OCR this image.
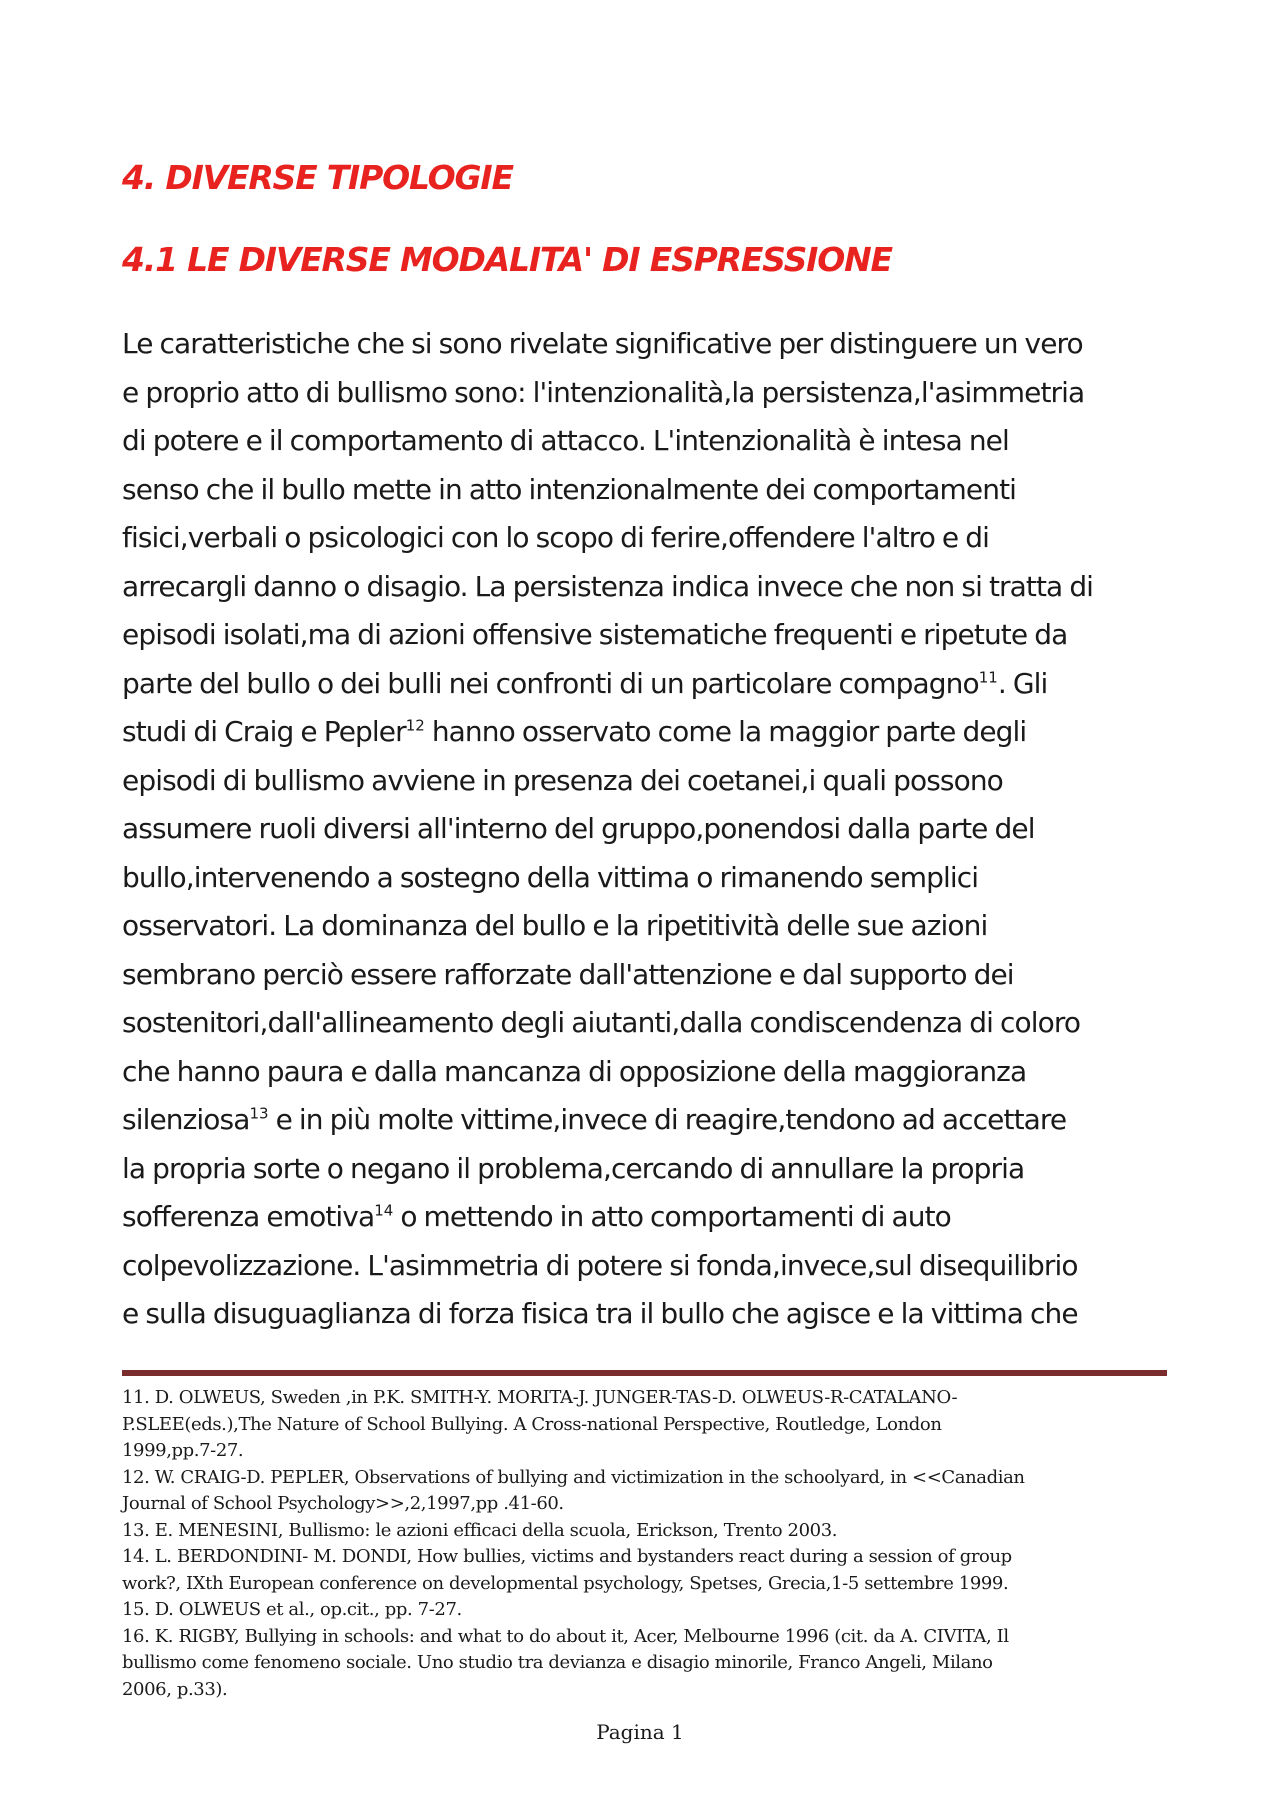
4. DIVERSE TIPOLOGIE
4.1 LE DIVERSE MODALITA' DI ESPRESSIONE

Le caratteristiche che si sono rivelate significative per distinguere un vero
e proprio atto di bullismo sono: l'intenzionalità,la persistenza,l'asimmetria
di potere e il comportamento di attacco. L'intenzionalità è intesa nel
senso che il bullo mette in atto intenzionalmente dei comportamenti
fisici,verbali o psicologici con lo scopo di ferire,offendere l'altro e di
arrecargli danno o disagio. La persistenza indica invece che non si tratta di
episodi isolati,ma di azioni offensive sistematiche frequenti e ripetute da
parte del bullo o dei bulli nei confronti di un particolare compagno$^{11}$. Gli
studi di Craig e Pepler$^{12}$ hanno osservato come la maggior parte degli
episodi di bullismo avviene in presenza dei coetanei,i quali possono
assumere ruoli diversi all'interno del gruppo,ponendosi dalla parte del
bullo,intervenendo a sostegno della vittima o rimanendo semplici
osservatori. La dominanza del bullo e la ripetitività delle sue azioni
sembrano perciò essere rafforzate dall'attenzione e dal supporto dei
sostenitori,dall'allineamento degli aiutanti,dalla condiscendenza di coloro
che hanno paura e dalla mancanza di opposizione della maggioranza
silenziosa$^{13}$ e in più molte vittime,invece di reagire,tendono ad accettare
la propria sorte o negano il problema,cercando di annullare la propria
sofferenza emotiva$^{14}$ o mettendo in atto comportamenti di auto
colpevolizzazione. L'asimmetria di potere si fonda,invece,sul disequilibrio
e sulla disuguaglianza di forza fisica tra il bullo che agisce e la vittima che

11. D. OLWEUS, Sweden ,in P.K. SMITH-Y. MORITA-J. JUNGER-TAS-D. OLWEUS-R-CATALANO-
P.SLEE(eds.),The Nature of School Bullying. A Cross-national Perspective, Routledge, London
1999,pp.7-27.
12. W. CRAIG-D. PEPLER, Observations of bullying and victimization in the schoolyard, in <<Canadian
Journal of School Psychology>>,2,1997,pp .41-60.
13. E. MENESINI, Bullismo: le azioni efficaci della scuola, Erickson, Trento 2003.
14. L. BERDONDINI- M. DONDI, How bullies, victims and bystanders react during a session of group
work?, IXth European conference on developmental psychology, Spetses, Grecia,1-5 settembre 1999.
15. D. OLWEUS et al., op.cit., pp. 7-27.
16. K. RIGBY, Bullying in schools: and what to do about it, Acer, Melbourne 1996 (cit. da A. CIVITA, Il
bullismo come fenomeno sociale. Uno studio tra devianza e disagio minorile, Franco Angeli, Milano
2006, p.33).
Pagina 1
